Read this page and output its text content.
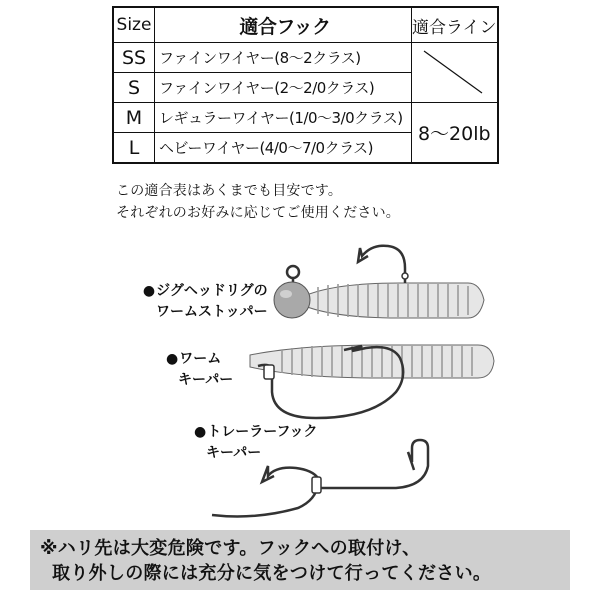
Size	適合フック	適合ライン
SS	ファインワイヤー(8〜2クラス)	

S	ファインワイヤー(2〜2/0クラス)	
M	レギュラーワイヤー(1/0〜3/0クラス)	8〜20lb
L	ヘビーワイヤー(4/0〜7/0クラス)	
この適合表はあくまでも目安です。
それぞれのお好みに応じてご使用ください。
●ジグヘッドリグの
ワームストッパー
●ワーム
キーパー
●トレーラーフック
キーパー
※ハリ先は大変危険です。フックへの取付け、
取り外しの際には充分に気をつけて行ってください。
